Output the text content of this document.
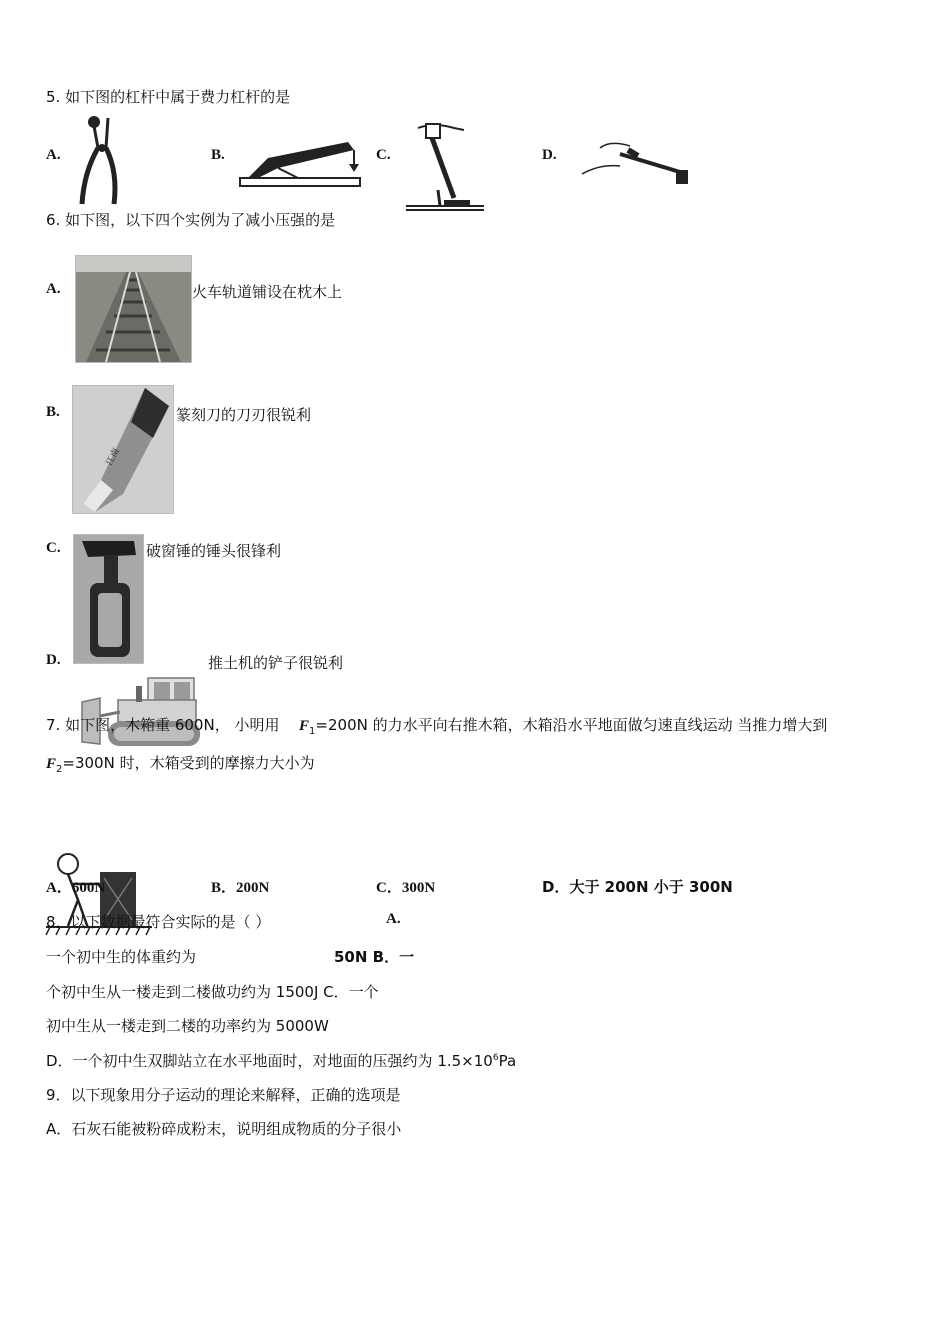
5. 如下图的杠杆中属于费力杠杆的是
A.	B.	C.	D.
6. 如下图，以下四个实例为了减小压强的是
A.	火车轨道铺设在枕木上
B.
江南
篆刻刀的刀刃很锐利
C.	破窗锤的锤头很锋利
D.	推土机的铲子很锐利
7. 如下图，木箱重 600N， 小明用 $F_1=200N$ 的力水平向右推木箱，木箱沿水平地面做匀速直线运动 当推力增大到
$F_2=300N$ 时，木箱受到的摩擦力大小为
A．600N	B．200N	C．300N	D．大于 200N 小于 300N
8．以下数据最符合实际的是（ ）	A.
一个初中生的体重约为	50N B．一
个初中生从一楼走到二楼做功约为 1500J C．一个
初中生从一楼走到二楼的功率约为 5000W
D．一个初中生双脚站立在水平地面时，对地面的压强约为 $1.5\times 10^6Pa$
9．以下现象用分子运动的理论来解释，正确的选项是
A．石灰石能被粉碎成粉末，说明组成物质的分子很小
